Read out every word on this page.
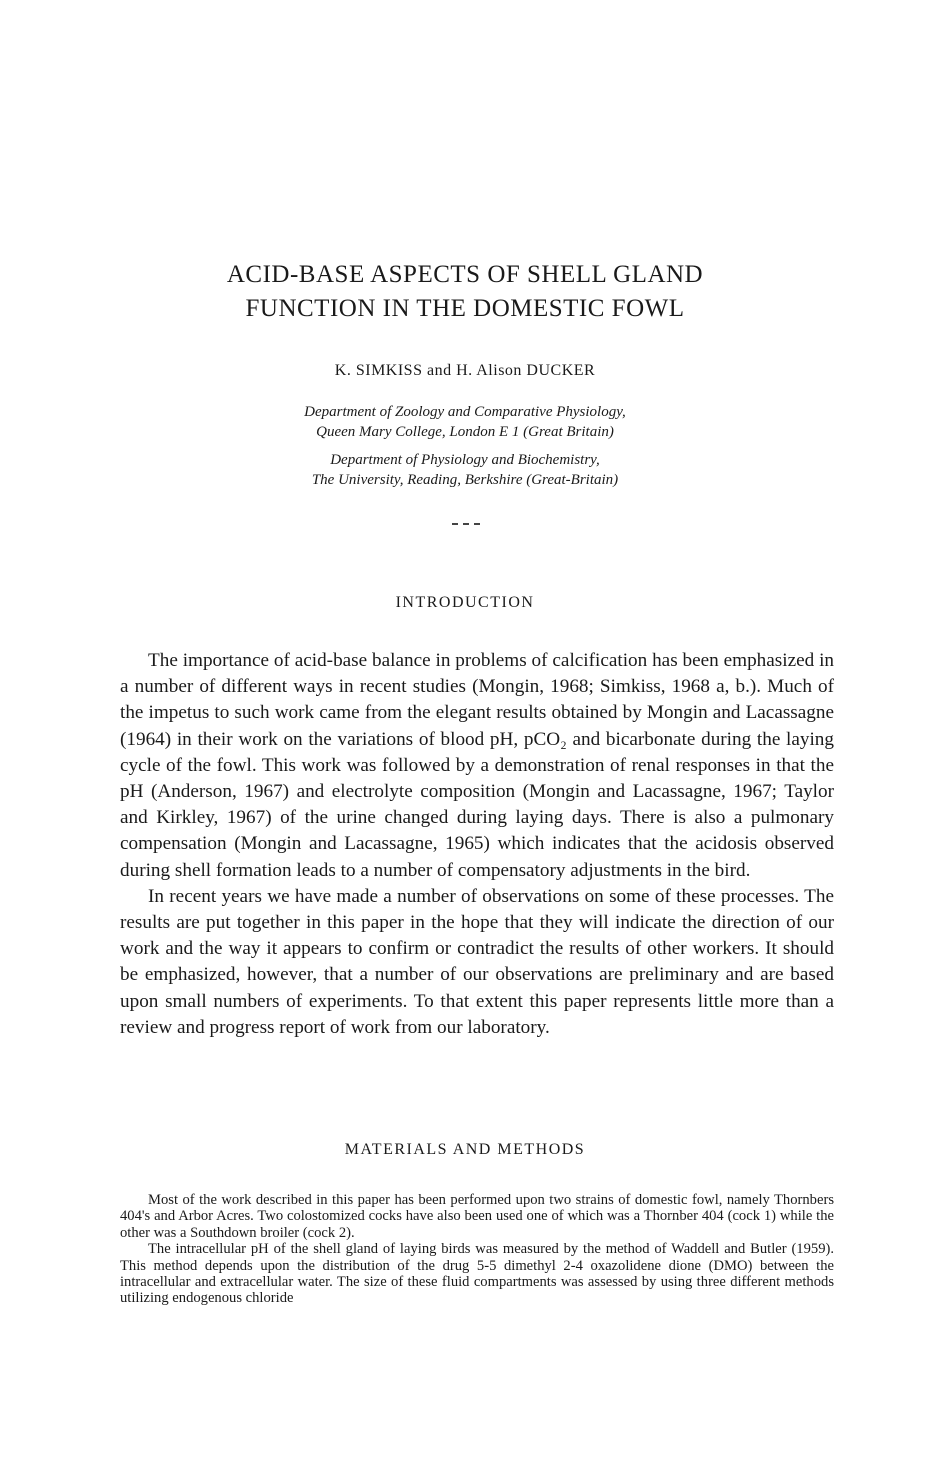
ACID-BASE ASPECTS OF SHELL GLAND
FUNCTION IN THE DOMESTIC FOWL
K. SIMKISS and H. Alison DUCKER
Department of Zoology and Comparative Physiology,
Queen Mary College, London E 1 (Great Britain)
Department of Physiology and Biochemistry,
The University, Reading, Berkshire (Great-Britain)
INTRODUCTION

The importance of acid-base balance in problems of calcification has been emphasized in a number of different ways in recent studies (Mongin, 1968; Simkiss, 1968 a, b.). Much of the impetus to such work came from the elegant results obtained by Mongin and Lacassagne (1964) in their work on the variations of blood pH, pCO₂ and bicarbonate during the laying cycle of the fowl. This work was followed by a demonstration of renal responses in that the pH (Anderson, 1967) and electrolyte composition (Mongin and Lacassagne, 1967; Taylor and Kirkley, 1967) of the urine changed during laying days. There is also a pulmonary compensation (Mongin and Lacassagne, 1965) which indicates that the acidosis observed during shell formation leads to a number of compensatory adjustments in the bird.

In recent years we have made a number of observations on some of these processes. The results are put together in this paper in the hope that they will indicate the direction of our work and the way it appears to confirm or contradict the results of other workers. It should be emphasized, however, that a number of our observations are preliminary and are based upon small numbers of experiments. To that extent this paper represents little more than a review and progress report of work from our laboratory.

MATERIALS AND METHODS

Most of the work described in this paper has been performed upon two strains of domestic fowl, namely Thornbers 404's and Arbor Acres. Two colostomized cocks have also been used one of which was a Thornber 404 (cock 1) while the other was a Southdown broiler (cock 2).

The intracellular pH of the shell gland of laying birds was measured by the method of Waddell and Butler (1959). This method depends upon the distribution of the drug 5-5 dimethyl 2-4 oxazolidene dione (DMO) between the intracellular and extracellular water. The size of these fluid compartments was assessed by using three different methods utilizing endogenous chloride
